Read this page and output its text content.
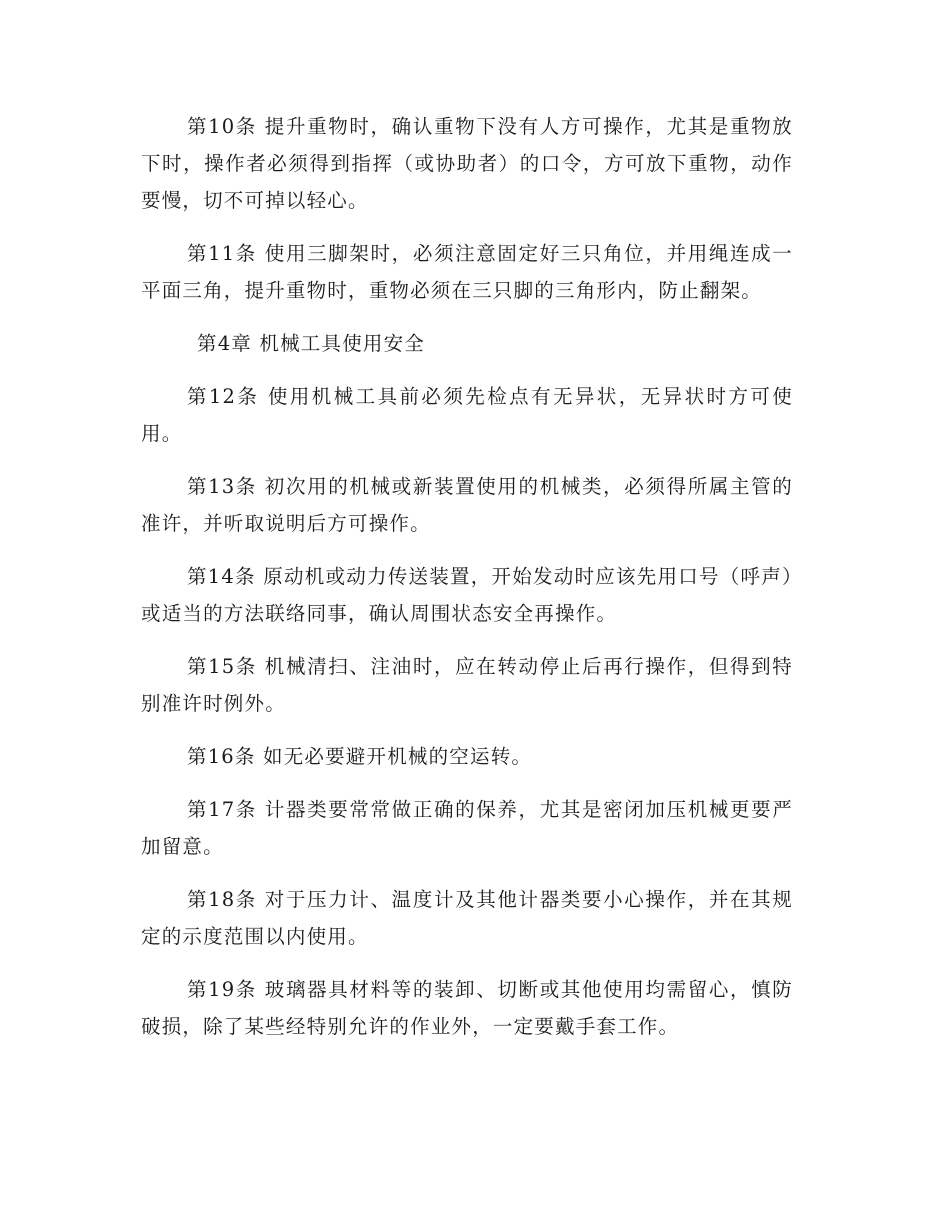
第10条 提升重物时，确认重物下没有人方可操作，尤其是重物放下时，操作者必须得到指挥（或协助者）的口令，方可放下重物，动作要慢，切不可掉以轻心。

第11条 使用三脚架时，必须注意固定好三只角位，并用绳连成一平面三角，提升重物时，重物必须在三只脚的三角形内，防止翻架。

第4章 机械工具使用安全

第12条 使用机械工具前必须先检点有无异状，无异状时方可使用。

第13条 初次用的机械或新装置使用的机械类，必须得所属主管的准许，并听取说明后方可操作。

第14条 原动机或动力传送装置，开始发动时应该先用口号（呼声）或适当的方法联络同事，确认周围状态安全再操作。

第15条 机械清扫、注油时，应在转动停止后再行操作，但得到特别准许时例外。

第16条 如无必要避开机械的空运转。

第17条 计器类要常常做正确的保养，尤其是密闭加压机械更要严加留意。

第18条 对于压力计、温度计及其他计器类要小心操作，并在其规定的示度范围以内使用。

第19条 玻璃器具材料等的装卸、切断或其他使用均需留心，慎防破损，除了某些经特别允许的作业外，一定要戴手套工作。
